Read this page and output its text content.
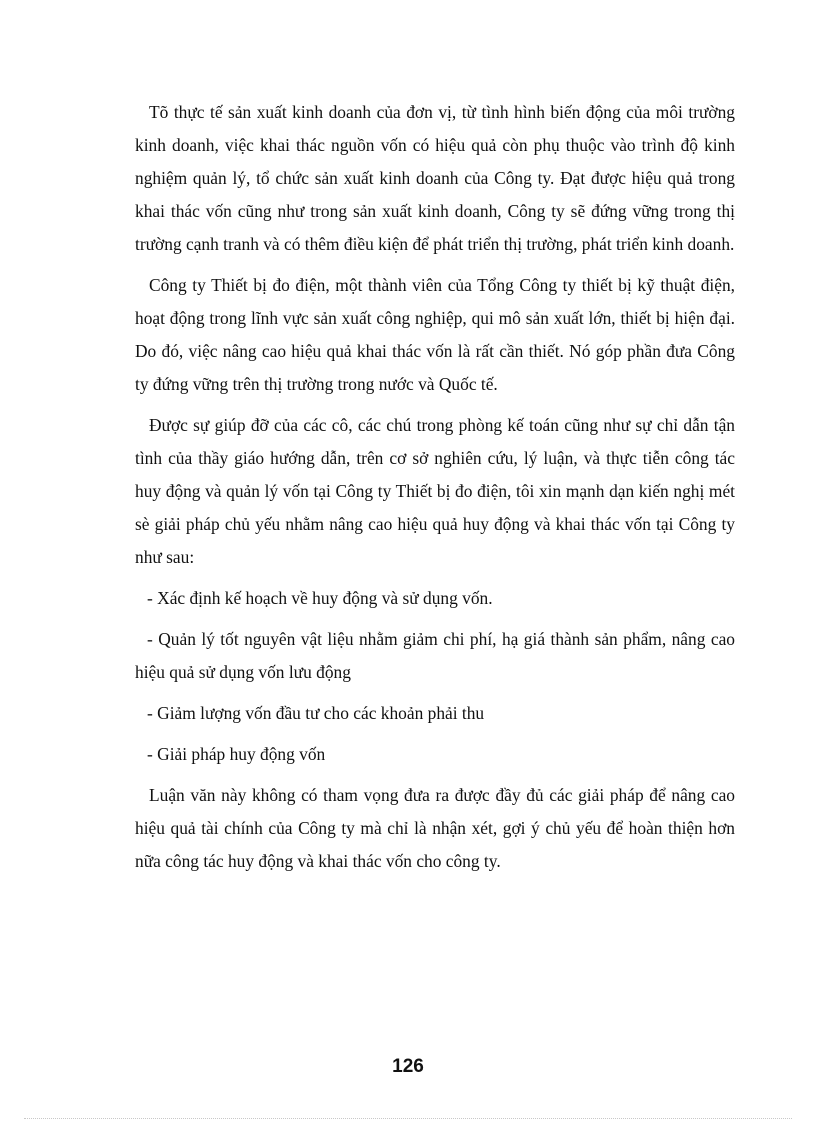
Tõ thực tế sản xuất kinh doanh của đơn vị, từ tình hình biến động của môi trường kinh doanh, việc khai thác nguồn vốn có hiệu quả còn phụ thuộc vào trình độ kinh nghiệm quản lý, tổ chức sản xuất kinh doanh của Công ty. Đạt được hiệu quả trong khai thác vốn cũng như trong sản xuất kinh doanh, Công ty sẽ đứng vững trong thị trường cạnh tranh và có thêm điều kiện để phát triển thị trường, phát triển kinh doanh.

Công ty Thiết bị đo điện, một thành viên của Tổng Công ty thiết bị kỹ thuật điện, hoạt động trong lĩnh vực sản xuất công nghiệp, qui mô sản xuất lớn, thiết bị hiện đại. Do đó, việc nâng cao hiệu quả khai thác vốn là rất cần thiết. Nó góp phần đưa Công ty đứng vững trên thị trường trong nước và Quốc tế.

Được sự giúp đỡ của các cô, các chú trong phòng kế toán cũng như sự chỉ dẫn tận tình của thầy giáo hướng dẫn, trên cơ sở nghiên cứu, lý luận, và thực tiễn công tác huy động và quản lý vốn tại Công ty Thiết bị đo điện, tôi xin mạnh dạn kiến nghị mét sè giải pháp chủ yếu nhằm nâng cao hiệu quả huy động và khai thác vốn tại Công ty như sau:

- Xác định kế hoạch về huy động và sử dụng vốn.

- Quản lý tốt nguyên vật liệu nhằm giảm chi phí, hạ giá thành sản phẩm, nâng cao hiệu quả sử dụng vốn lưu động

- Giảm lượng vốn đầu tư cho các khoản phải thu

- Giải pháp huy động vốn

Luận văn này không có tham vọng đưa ra được đầy đủ các giải pháp để nâng cao hiệu quả tài chính của Công ty mà chỉ là nhận xét, gợi ý chủ yếu để hoàn thiện hơn nữa công tác huy động và khai thác vốn cho công ty.

126
